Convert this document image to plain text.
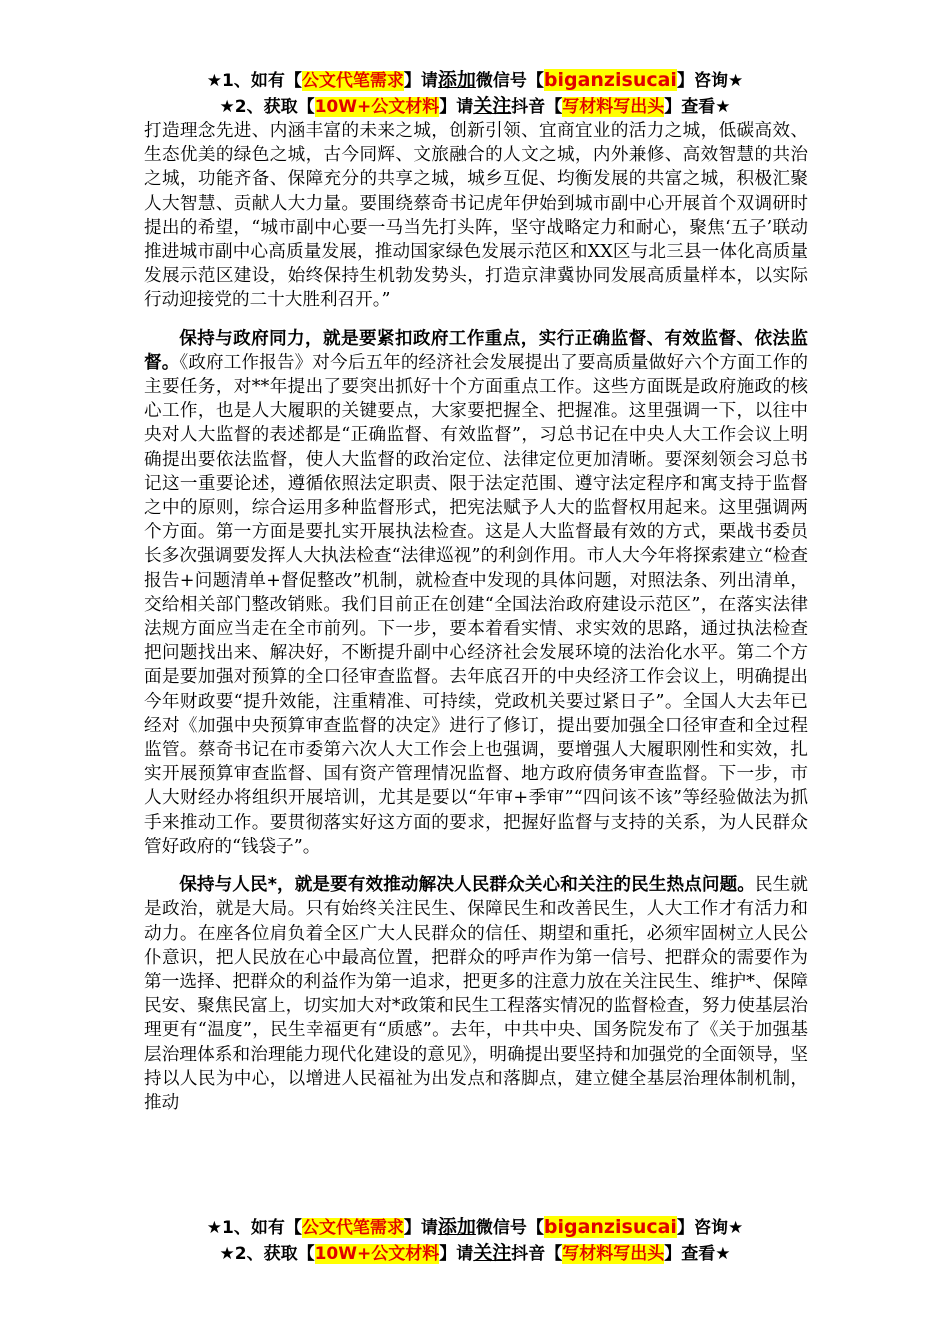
★1、如有【公文代笔需求】请添加微信号【biganzisucai】咨询★
★2、获取【10W+公文材料】请关注抖音【写材料写出头】查看★

打造理念先进、内涵丰富的未来之城，创新引领、宜商宜业的活力之城，低碳高效、生态优美的绿色之城，古今同辉、文旅融合的人文之城，内外兼修、高效智慧的共治之城，功能齐备、保障充分的共享之城，城乡互促、均衡发展的共富之城，积极汇聚人大智慧、贡献人大力量。要围绕蔡奇书记虎年伊始到城市副中心开展首个双调研时提出的希望，“城市副中心要一马当先打头阵，坚守战略定力和耐心，聚焦‘五子’联动推进城市副中心高质量发展，推动国家绿色发展示范区和XX区与北三县一体化高质量发展示范区建设，始终保持生机勃发势头，打造京津冀协同发展高质量样本，以实际行动迎接党的二十大胜利召开。”

保持与政府同力，就是要紧扣政府工作重点，实行正确监督、有效监督、依法监督。《政府工作报告》对今后五年的经济社会发展提出了要高质量做好六个方面工作的主要任务，对**年提出了要突出抓好十个方面重点工作。这些方面既是政府施政的核心工作，也是人大履职的关键要点，大家要把握全、把握准。这里强调一下，以往中央对人大监督的表述都是“正确监督、有效监督”，习总书记在中央人大工作会议上明确提出要依法监督，使人大监督的政治定位、法律定位更加清晰。要深刻领会习总书记这一重要论述，遵循依照法定职责、限于法定范围、遵守法定程序和寓支持于监督之中的原则，综合运用多种监督形式，把宪法赋予人大的监督权用起来。这里强调两个方面。第一方面是要扎实开展执法检查。这是人大监督最有效的方式，栗战书委员长多次强调要发挥人大执法检查“法律巡视”的利剑作用。市人大今年将探索建立“检查报告+问题清单+督促整改”机制，就检查中发现的具体问题，对照法条、列出清单，交给相关部门整改销账。我们目前正在创建“全国法治政府建设示范区”，在落实法律法规方面应当走在全市前列。下一步，要本着看实情、求实效的思路，通过执法检查把问题找出来、解决好，不断提升副中心经济社会发展环境的法治化水平。第二个方面是要加强对预算的全口径审查监督。去年底召开的中央经济工作会议上，明确提出今年财政要“提升效能，注重精准、可持续，党政机关要过紧日子”。全国人大去年已经对《加强中央预算审查监督的决定》进行了修订，提出要加强全口径审查和全过程监管。蔡奇书记在市委第六次人大工作会上也强调，要增强人大履职刚性和实效，扎实开展预算审查监督、国有资产管理情况监督、地方政府债务审查监督。下一步，市人大财经办将组织开展培训，尤其是要以“年审+季审”“四问该不该”等经验做法为抓手来推动工作。要贯彻落实好这方面的要求，把握好监督与支持的关系，为人民群众管好政府的“钱袋子”。

保持与人民*，就是要有效推动解决人民群众关心和关注的民生热点问题。民生就是政治，就是大局。只有始终关注民生、保障民生和改善民生，人大工作才有活力和动力。在座各位肩负着全区广大人民群众的信任、期望和重托，必须牢固树立人民公仆意识，把人民放在心中最高位置，把群众的呼声作为第一信号、把群众的需要作为第一选择、把群众的利益作为第一追求，把更多的注意力放在关注民生、维护*、保障民安、聚焦民富上，切实加大对*政策和民生工程落实情况的监督检查，努力使基层治理更有“温度”，民生幸福更有“质感”。去年，中共中央、国务院发布了《关于加强基层治理体系和治理能力现代化建设的意见》，明确提出要坚持和加强党的全面领导，坚持以人民为中心，以增进人民福祉为出发点和落脚点，建立健全基层治理体制机制，推动

★1、如有【公文代笔需求】请添加微信号【biganzisucai】咨询★
★2、获取【10W+公文材料】请关注抖音【写材料写出头】查看★
